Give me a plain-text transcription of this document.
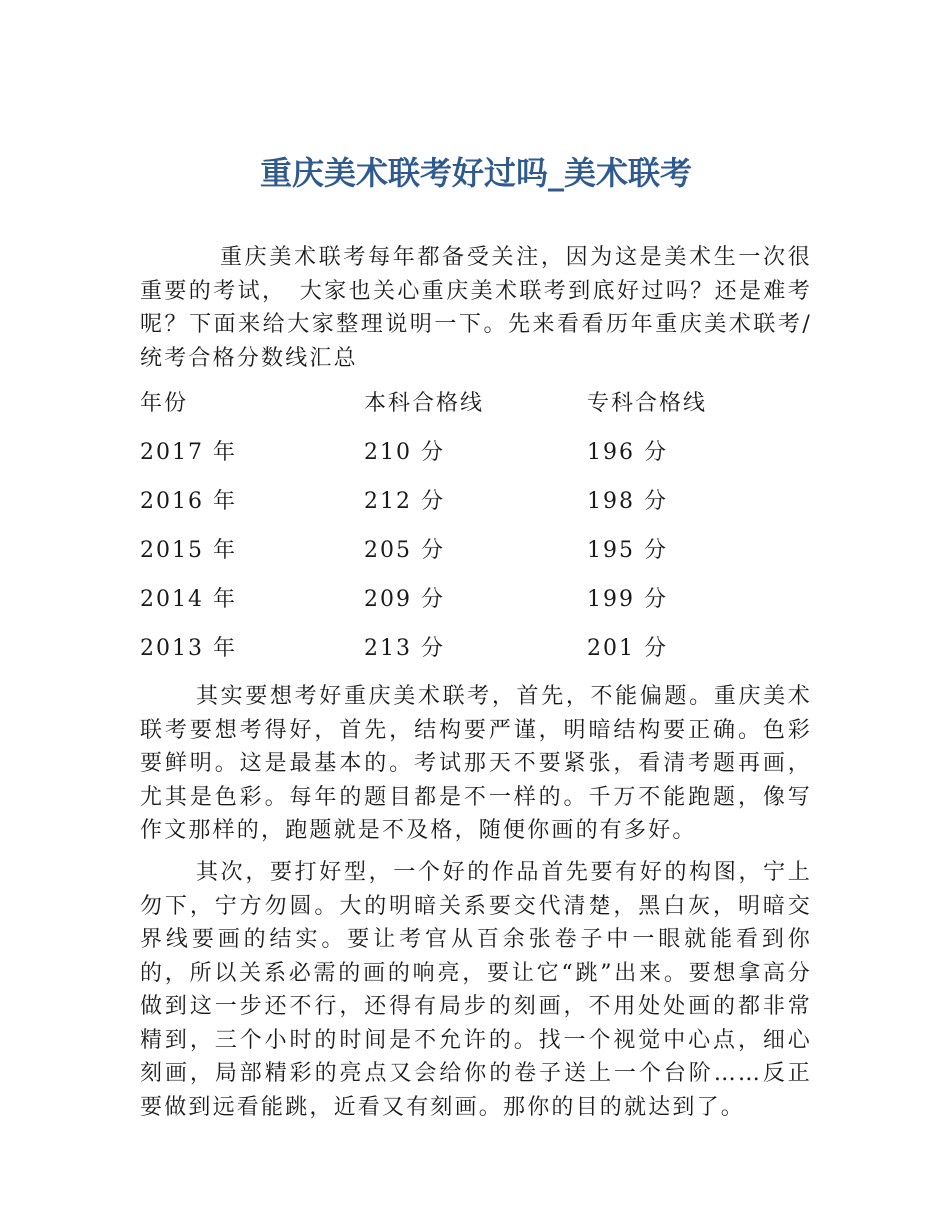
重庆美术联考好过吗_美术联考

重庆美术联考每年都备受关注，因为这是美术生一次很重要的考试，　大家也关心重庆美术联考到底好过吗？还是难考呢？下面来给大家整理说明一下。先来看看历年重庆美术联考/统考合格分数线汇总

年份	本科合格线	专科合格线
2017 年	210 分	196 分
2016 年	212 分	198 分
2015 年	205 分	195 分
2014 年	209 分	199 分
2013 年	213 分	201 分

其实要想考好重庆美术联考，首先，不能偏题。重庆美术联考要想考得好，首先，结构要严谨，明暗结构要正确。色彩要鲜明。这是最基本的。考试那天不要紧张，看清考题再画，尤其是色彩。每年的题目都是不一样的。千万不能跑题，像写作文那样的，跑题就是不及格，随便你画的有多好。

其次，要打好型，一个好的作品首先要有好的构图，宁上勿下，宁方勿圆。大的明暗关系要交代清楚，黑白灰，明暗交界线要画的结实。要让考官从百余张卷子中一眼就能看到你的，所以关系必需的画的响亮，要让它“跳”出来。要想拿高分做到这一步还不行，还得有局步的刻画，不用处处画的都非常精到，三个小时的时间是不允许的。找一个视觉中心点，细心刻画，局部精彩的亮点又会给你的卷子送上一个台阶……反正要做到远看能跳，近看又有刻画。那你的目的就达到了。
